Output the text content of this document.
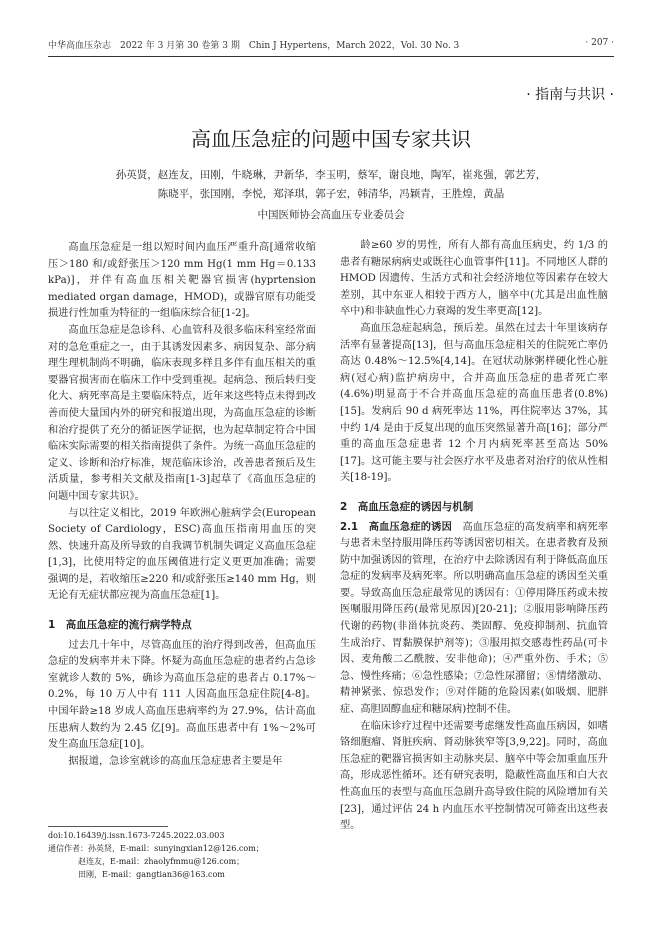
中华高血压杂志　2022 年 3 月第 30 卷第 3 期　Chin J Hypertens，March 2022，Vol. 30 No. 3	· 207 ·
· 指南与共识 ·
高血压急症的问题中国专家共识
孙英贤，赵连友，田刚，牛晓琳，尹新华，李玉明，蔡军，谢良地，陶军，崔兆强，郭艺芳，
陈晓平，张国刚，李悦，郑泽琪，郭子宏，韩清华，冯颖青，王胜煌，黄晶
中国医师协会高血压专业委员会

高血压急症是一组以短时间内血压严重升高[通常收缩压＞180 和/或舒张压＞120 mm Hg(1 mm Hg＝0.133 kPa)]，并伴有高血压相关靶器官损害(hyprtension mediated organ damage，HMOD)，或器官原有功能受损进行性加重为特征的一组临床综合征[1-2]。

高血压急症是急诊科、心血管科及很多临床科室经常面对的急危重症之一，由于其诱发因素多、病因复杂、部分病理生理机制尚不明确，临床表现多样且多伴有血压相关的重要器官损害而在临床工作中受到重视。起病急、预后转归变化大、病死率高是主要临床特点，近年来这些特点未得到改善而使大量国内外的研究和报道出现，为高血压急症的诊断和治疗提供了充分的循证医学证据，也为起草制定符合中国临床实际需要的相关指南提供了条件。为统一高血压急症的定义、诊断和治疗标准，规范临床诊治，改善患者预后及生活质量，参考相关文献及指南[1-3]起草了《高血压急症的问题中国专家共识》。

与以往定义相比，2019 年欧洲心脏病学会(European Society of Cardiology，ESC)高血压指南用血压的突然、快速升高及所导致的自我调节机制失调定义高血压急症[1,3]，比使用特定的血压阈值进行定义更更加准确；需要强调的是，若收缩压≥220 和/或舒张压≥140 mm Hg，则无论有无症状都应视为高血压急症[1]。

1　高血压急症的流行病学特点

过去几十年中，尽管高血压的治疗得到改善，但高血压急症的发病率并未下降。怀疑为高血压急症的患者约占急诊室就诊人数的 5%，确诊为高血压急症的患者占 0.17%～0.2%，每 10 万人中有 111 人因高血压急症住院[4-8]。中国年龄≥18 岁成人高血压患病率约为 27.9%，估计高血压患病人数约为 2.45 亿[9]。高血压患者中有 1%～2%可发生高血压急症[10]。

据报道，急诊室就诊的高血压急症患者主要是年

龄≥60 岁的男性，所有人都有高血压病史，约 1/3 的患者有糖尿病病史或既往心血管事件[11]。不同地区人群的 HMOD 因遗传、生活方式和社会经济地位等因素存在较大差别，其中东亚人相较于西方人，脑卒中(尤其是出血性脑卒中)和非缺血性心力衰竭的发生率更高[12]。

高血压急症起病急，预后差。虽然在过去十年里该病存活率有显著提高[13]，但与高血压急症相关的住院死亡率仍高达 0.48%～12.5%[4,14]。在冠状动脉粥样硬化性心脏病(冠心病)监护病房中，合并高血压急症的患者死亡率(4.6%)明显高于不合并高血压急症的高血压患者(0.8%)[15]。发病后 90 d 病死率达 11%，再住院率达 37%，其中约 1/4 是由于反复出现的血压突然显著升高[16]；部分严重的高血压急症患者 12 个月内病死率甚至高达 50%[17]。这可能主要与社会医疗水平及患者对治疗的依从性相关[18-19]。

2　高血压急症的诱因与机制

2.1　高血压急症的诱因　 高血压急症的高发病率和病死率与患者未坚持服用降压药等诱因密切相关。在患者教育及预防中加强诱因的管理，在治疗中去除诱因有利于降低高血压急症的发病率及病死率。所以明确高血压急症的诱因至关重要。导致高血压急症最常见的诱因有：①停用降压药或未按医嘱服用降压药(最常见原因)[20-21]；②服用影响降压药代谢的药物(非甾体抗炎药、类固醇、免疫抑制剂、抗血管生成治疗、胃黏膜保护剂等)；③服用拟交感毒性药品(可卡因、麦角酸二乙酰胺、安非他命)；④严重外伤、手术；⑤急、慢性疼痛；⑥急性感染；⑦急性尿潴留；⑧情绪激动、精神紧张、惊恐发作；⑨对伴随的危险因素(如吸烟、肥胖症、高胆固醇血症和糖尿病)控制不佳。

在临床诊疗过程中还需要考虑继发性高血压病因，如嗜铬细胞瘤、肾脏疾病、肾动脉狭窄等[3,9,22]。同时，高血压急症的靶器官损害如主动脉夹层、脑卒中等会加重血压升高，形成恶性循环。还有研究表明，隐蔽性高血压和白大衣性高血压的表型与高血压急剧升高导致住院的风险增加有关[23]，通过评估 24 h 内血压水平控制情况可筛查出这些表型。

doi:10.16439/j.issn.1673-7245.2022.03.003
通信作者：孙英贤，E-mail：sunyingxian12@126.com；
赵连友，E-mail：zhaolyfmmu@126.com；
田刚，E-mail：gangtian36@163.com
